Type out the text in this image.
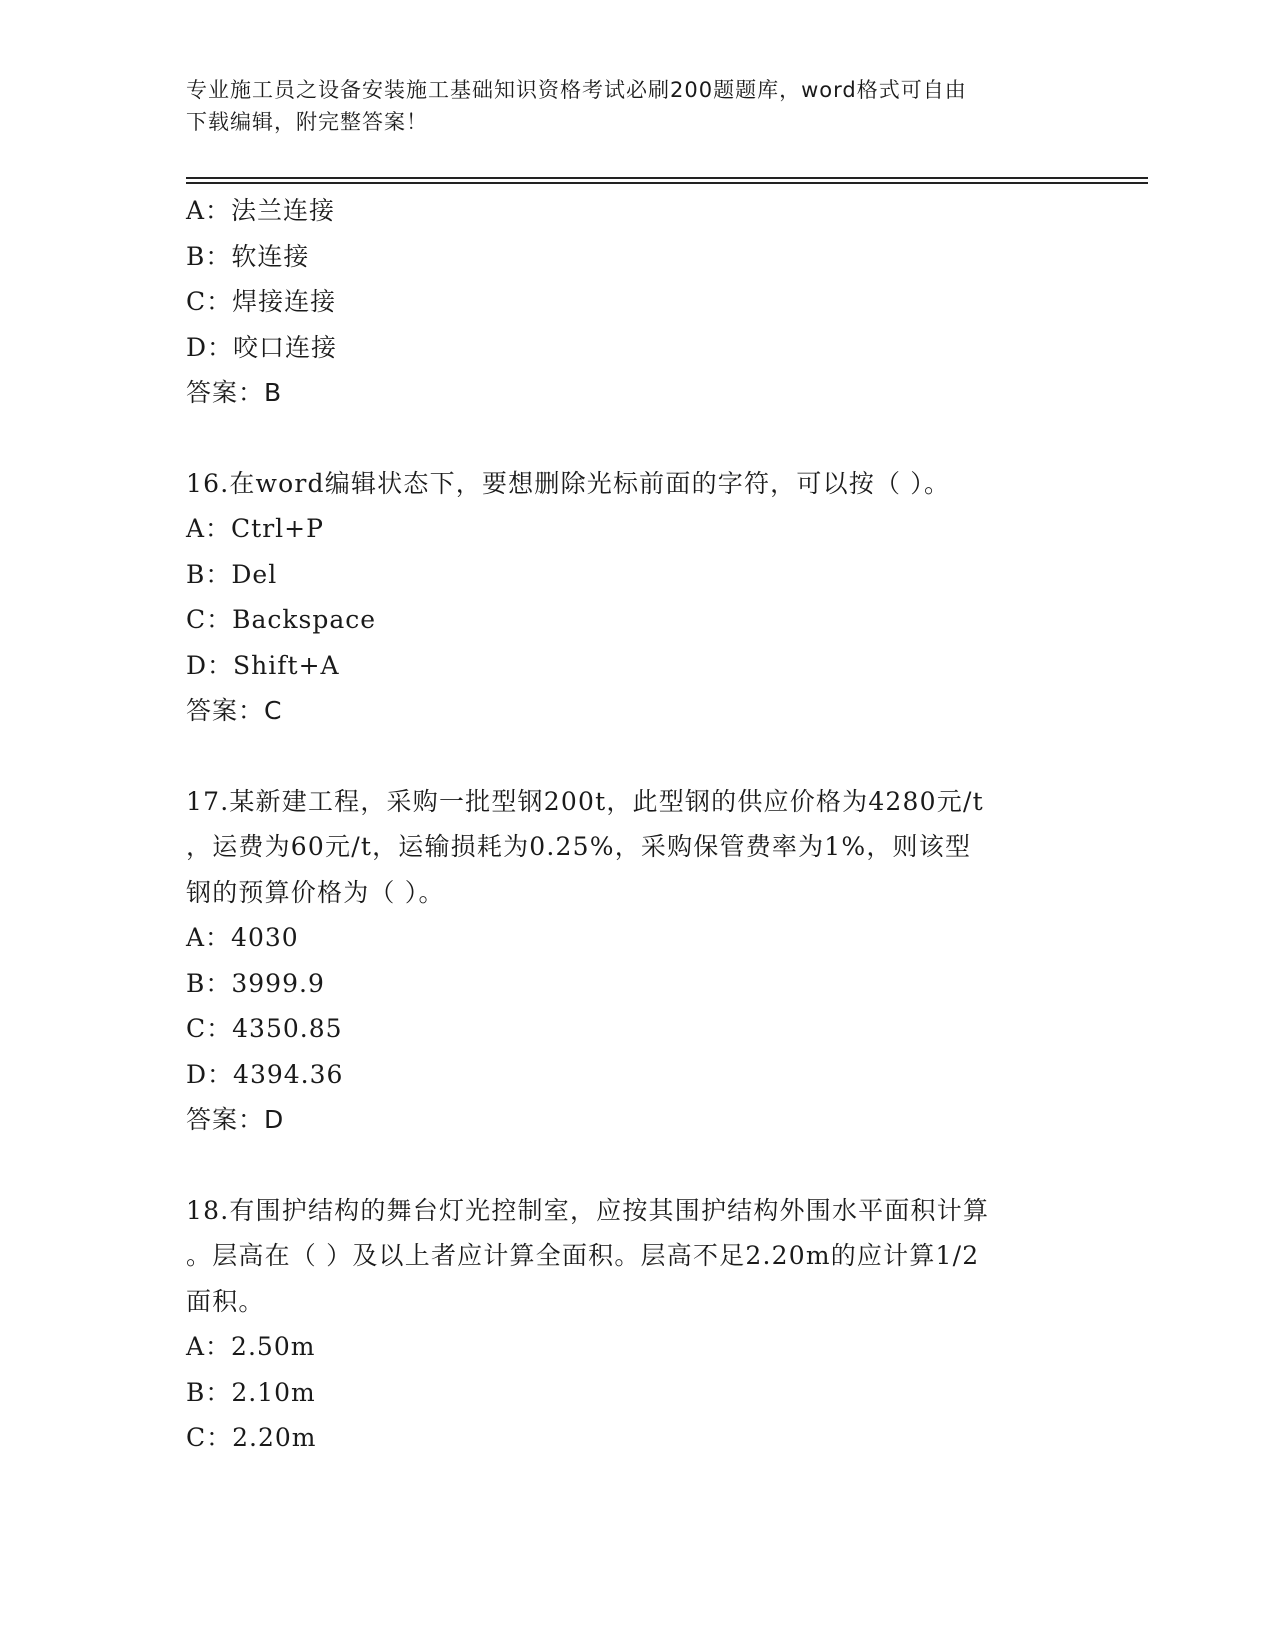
专业施工员之设备安装施工基础知识资格考试必刷200题题库，word格式可自由
下载编辑，附完整答案！
A：法兰连接
B：软连接
C：焊接连接
D：咬口连接
答案：B
16.在word编辑状态下，要想删除光标前面的字符，可以按（ ）。
A：Ctrl+P
B：Del
C：Backspace
D：Shift+A
答案：C
17.某新建工程，采购一批型钢200t，此型钢的供应价格为4280元/t
，运费为60元/t，运输损耗为0.25%，采购保管费率为1%，则该型
钢的预算价格为（ ）。
A：4030
B：3999.9
C：4350.85
D：4394.36
答案：D
18.有围护结构的舞台灯光控制室，应按其围护结构外围水平面积计算
。层高在（ ）及以上者应计算全面积。层高不足2.20m的应计算1/2
面积。
A：2.50m
B：2.10m
C：2.20m
